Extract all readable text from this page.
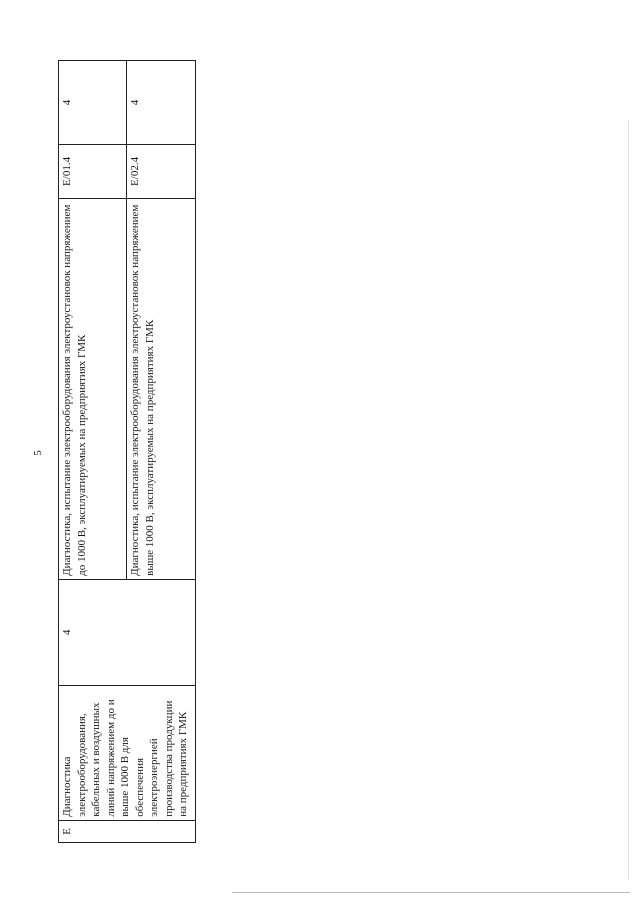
5
E	Диагностика электрооборудования, кабельных и воздушных линий напряжением до и выше 1000 В для обеспечения электроэнергией производства продукции на предприятиях ГМК	4	Диагностика, испытание электрооборудования электроустановок напряжением до 1000 В, эксплуатируемых на предприятиях ГМК	E/01.4	4
			Диагностика, испытание электрооборудования электроустановок напряжением выше 1000 В, эксплуатируемых на предприятиях ГМК	E/02.4	4
